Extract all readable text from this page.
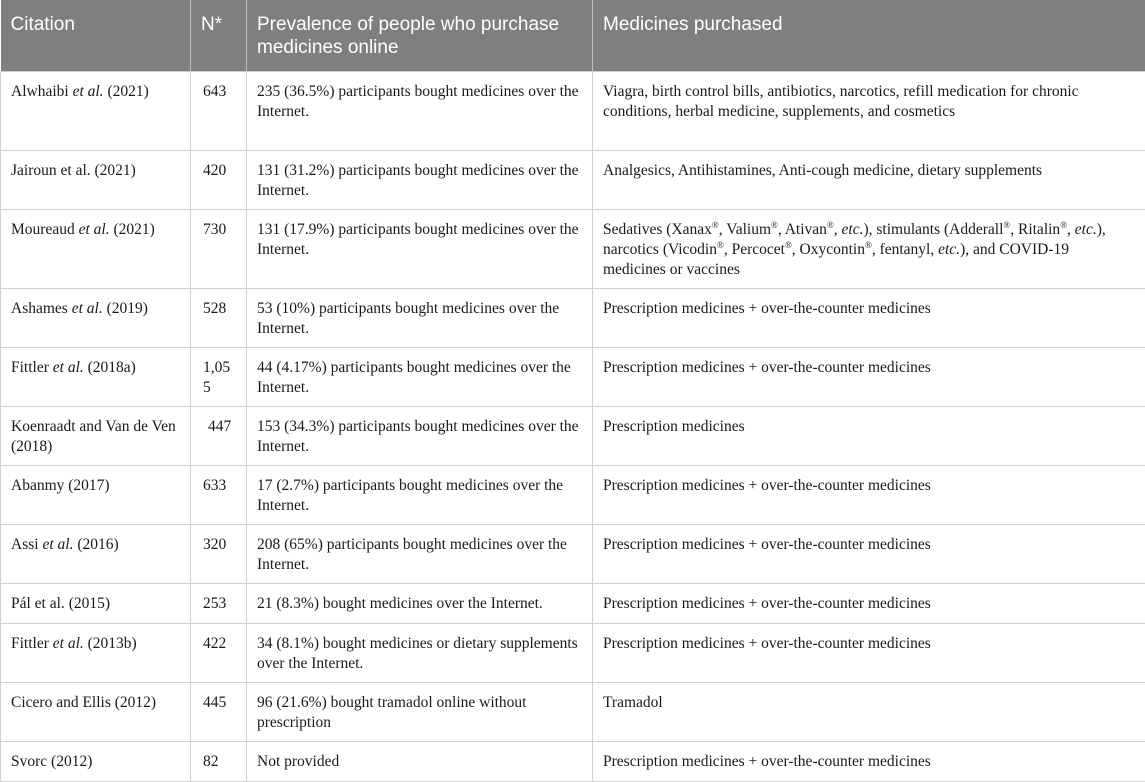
Citation	N*	Prevalence of people who purchase medicines online	Medicines purchased
Alwhaibi et al. (2021)	643	235 (36.5%) participants bought medicines over the Internet.	Viagra, birth control bills, antibiotics, narcotics, refill medication for chronic conditions, herbal medicine, supplements, and cosmetics
Jairoun et al. (2021)	420	131 (31.2%) participants bought medicines over the Internet.	Analgesics, Antihistamines, Anti-cough medicine, dietary supplements
Moureaud et al. (2021)	730	131 (17.9%) participants bought medicines over the Internet.	Sedatives (Xanax®, Valium®, Ativan®, etc.), stimulants (Adderall®, Ritalin®, etc.), narcotics (Vicodin®, Percocet®, Oxycontin®, fentanyl, etc.), and COVID-19 medicines or vaccines
Ashames et al. (2019)	528	53 (10%) participants bought medicines over the Internet.	Prescription medicines + over-the-counter medicines
Fittler et al. (2018a)	1,055	44 (4.17%) participants bought medicines over the Internet.	Prescription medicines + over-the-counter medicines
Koenraadt and Van de Ven (2018)	447	153 (34.3%) participants bought medicines over the Internet.	Prescription medicines
Abanmy (2017)	633	17 (2.7%) participants bought medicines over the Internet.	Prescription medicines + over-the-counter medicines
Assi et al. (2016)	320	208 (65%) participants bought medicines over the Internet.	Prescription medicines + over-the-counter medicines
Pál et al. (2015)	253	21 (8.3%) bought medicines over the Internet.	Prescription medicines + over-the-counter medicines
Fittler et al. (2013b)	422	34 (8.1%) bought medicines or dietary supplements over the Internet.	Prescription medicines + over-the-counter medicines
Cicero and Ellis (2012)	445	96 (21.6%) bought tramadol online without prescription	Tramadol
Svorc (2012)	82	Not provided	Prescription medicines + over-the-counter medicines
